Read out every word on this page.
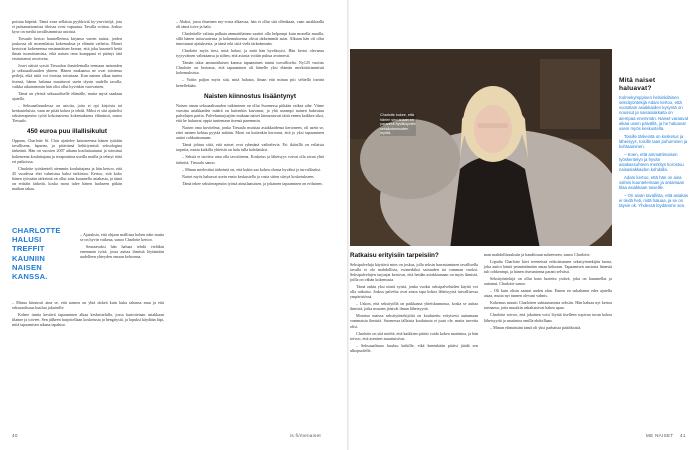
poistaa häpeää. Tämä avaa sellaisia pyyhkiviä ky-ym-ristöjä, jota ei puhumattomissa tiloissa voisi vapautua. Tavalla voittaa. Joskus kyse on meiltä tavallisimmista asioista.

Tiesaalo kertoo haastelleensa kirjansa varten naisia, joiden joukossa oli monenlaisia kokemuksia ja elämän vaiheita. Monet kertoivat kokeneensa ensimmäisen kerran, että joku kuunteli heitä ilman tuomitsemista, eikä naisen oma kumppani ei pitänyt tätä etsimisensä arvoisena.

Jouvi näistä syistä Tiesaalon ihastelemalla teemaan naiseuden ja seksuaalisuuden yhteen. Hänen mukaansa ne ovat toistensa peilejä, eikä niitä voi irrottaa toisistaan. Kun nainen alkaa tuntea itsensä, hänen halunsa muuttuvat usein täysin uudella tavalla, vaikka aikaisemmin hän olisi ollut hyvinkin varovainen.

Tämä on yleistä seksuaaliselle elämälle, mutta mysä saadaan ajatella.

– Seksuaalisuudessa on asioita, joita ei opi kirjoista tai keskusteluista, vaan ne pitää kokea ja tehdä. Miksi ei sitä ajattelisi seksiterapeutin työtä kokonaisena kokemuksena elämässä, sanoo Tiesaalo.

450 euroa puu illallisikulut

Oppaan, Charlotte St. Clair ajattelee katsoneensa hänen työtään tavallisena, lapsena, ja pitävänsä kehittymistä seksologina tärkeänä. Hän on vuosien 2007 aikana kouluttautunut ja toiminut kokeneena kouluttajana ja terapeuttina useilla mailla ja tehnyt töitä eri paikoissa.

Charlotte työskenteli aiemmin kouluttajana ja hän kertoo, että 45 vuodessa ehti valmistua kaksi tutkintoa. Kertoo, että koko hänen työssään tärkeintä on ollut aina kuunnella asiakasta, ja tämä on erittäin tärkeää, koska moni tulee hänen luokseen pitkän matkan takaa.

CHARLOTTE HALUSI TREFFIT KAUNIIN NAISEN KANSSA.

– Ajatuksia, että ohjaan mallinsa kohen näin mutta se on hyvin vaikeaa, sanoo Charlotte kertoo.

Seuraavaksi hän haluaa tehdä vieläkin enemmän työtä, jossa auttaa ihmisiä löytämään uudelleen yhteyden omaan kehoonsa.

– Minua kiinnosti aina se, että nainen on yhtä tärkeä kuin kuka tahansa muu ja että seksuaalisuus kuuluu jokaiselle.

Kolme tuntia kestävä tapaaminen alkaa keskustelulla, jossa kartoitetaan asiakkaan tilanne ja toiveet. Sen jälkeen harjoitellaan kosketusta ja hengitystä, ja lopuksi käydään läpi, mitä tapaamisen aikana tapahtui.

– Aluksi, jossa ilmeinen my-vosta alkaessa, hän ei ollut sitä ollenkaan, vaan asiakkaalla oli tämä toive ja halu.

Charlottelle valinta palkata ammattilainen saattoi olla helpompi kuin monella muulla, sillä hänen taitavuutensa ja kokemuksensa olivat tärkeimmät asiat. Alkuun hän oli ollut innostunut ajatuksesta, ja tämä teki siitä vielä tärkeämmän.

Charlotte myös tiesi, mitä halusi, ja mitä hän hyväksyisi. Hän kertoi olevansa tyytyväinen valintaansa ja siihen, että asiasta voitiin puhua avoimesti.

Tämän takia ammattilaisen kanssa tapaaminen tuntui turvalliselta. Ny125 vuotias Charlotte on kertonut, että tapaaminen oli hänelle yksi elämän merkittävimmistä kokemuksista.

– Voitin paljon myös sitä, mitä halusin, ilman että minun piti selitellä itseäni kenellekään.

Naisten kiinnostus lisääntynyt

Naisen oman seksuaalisuuden tutkiminen on ollut Suomessa pitkään vaikea aihe. Viime vuosina asiakkaiden määrä on kuitenkin kasvanut, ja yhä useampi nainen hakeutuu palvelujen pariin. Palveluntarjoajien mukaan naiset kiinnostuvat tästä ennen kaikkea siksi, että he haluavat oppia tuntemaan itsensä paremmin.

Naisen oma kuvitelma, jonka Tiesaalo muistaa asiakkaidensa kertoneen, oli usein se, ettei nainen kehtaa pyytää mitään. Moni on kuitenkin kertonut, että jo yksi tapaaminen auttoi rohkaistumaan.

Tämä johtuu siitä, että naiset ovat ryhmänä vaihtelevia. Eri ikäisillä on erilaisia tarpeita, mutta kaikilla yhteistä on halu tulla kohdatuksi.

– Seksiä ei tarvitse aina olla tavoitteena. Kosketus ja läheisyys voivat olla aivan yhtä tärkeitä, Tiesaalo sanoo.

– Minun mielestäni tärkeintä on, että kukin saa kokea olonsa hyväksi ja turvalliseksi.

Naiset myös haluavat usein ensin keskustella ja vasta sitten siirtyä kosketukseen.

Tämä tekee seksiterapeutin työstä ainutlaatuisen, ja jokainen tapaaminen on erilainen.

40
Charlotte kokee, että hänen seuranaan on parannut hyväksyvien seksikokemusten myötä.
Mitä naiset haluavat?

Kolmekymppinen helsinkiläinen seksityöntekijä Adam kertoo, että vuosittain asiakkaiden kysyntä on noussut ja naisasiakkaita on aiempaa enemmän. Naiset varaavat aikaa usein päivällä, ja he haluavat usein myös keskustella.

Toisille tärkeintä on kosketus ja läheisyys, toisille taas puhuminen ja kohtaaminen.

– Koen, että ammattimaisen työskentelyn ja hyvän asiakassuhteen merkitys korostuu naisasiakkaiden kohdalla.

Adam kertoo, että hän on aina valmis kuuntelemaan ja antamaan tilaa asiakkaan toiveille.

– On aivan tavallista, että asiakas ei tiedä heti, mitä haluaa, ja se on täysin ok. Yhdessä löydämme sen.

Ratkaisu erityisiin tarpeisiin?

Seksipalveluja käyttävä mies on joskus, jolla seksin harrastaminen tavallisella tavalla ei ole mahdollista, esimerkiksi sairauden tai vamman vuoksi. Seksipalvelujen tarjoajat kertovat, että heidän asiakkaanaan on myös ihmisiä, joilla on vähän kokemusta.

Tämä onkin yksi niistä syistä, jonka vuoksi seksipalveluiden käyttö voi olla ratkaisu. Joskus palvelut ovat ainoa tapa kokea läheisyyttä turvallisessa ympäristössä.

– Uskon, että seksityöllä on paikkansa yhteiskunnassa, koska se auttaa ihmisiä, jotka muuten jäisivät ilman läheisyyttä.

Monissa maissa seksityöntekijöitä on koulutettu erityisesti auttamaan vammaisia ihmisiä. Suomessa tällaista koulutusta ei juuri ole, mutta tarvetta olisi.

Charlotte on sitä mieltä, että kaikkien pitäisi voida kokea nautintoa, ja hän toivoo, että asenteet muuttuisivat.

– Seksuaalisuus kuuluu kaikille, eikä kenenkään pitäisi jäädä sen ulkopuolelle.

man mahdollisuuksiin ja haudittuun suhteeseen, sanoo Charlotte.

Lopulta Charlotte kävi treeneissä erikoistuneen seksityöntekijän luona, joka auttoi häntä ymmärtämään omaa kehoaan. Tapaamisen ansiosta hänestä tuli rohkeampi, ja hänen itsetuntonsa parani selvästi.

Seksityöntekijä on ollut kuin luotettu ystävä, joka on kuunnellut ja auttanut, Charlotte sanoo.

– Oli kuin olisin saanut uuden alun. Ennen en uskaltanut edes ajatella asiaa, mutta nyt tunnen olevani valmis.

Kokemus muutti Charlotten suhtautumista seksiin. Hän haluaa nyt kertoa tarinansa, jotta muutkin uskaltaisivat hakea apua.

Charlotte toivoo, että jokainen voisi löytää itselleen sopivan tavan kokea läheisyyttä ja nautintoa omilla ehdoillaan.

– Minun elämässäni tämä oli yksi parhaista päätöksistä.

is.fi/menaiset	ME NAISET 41
